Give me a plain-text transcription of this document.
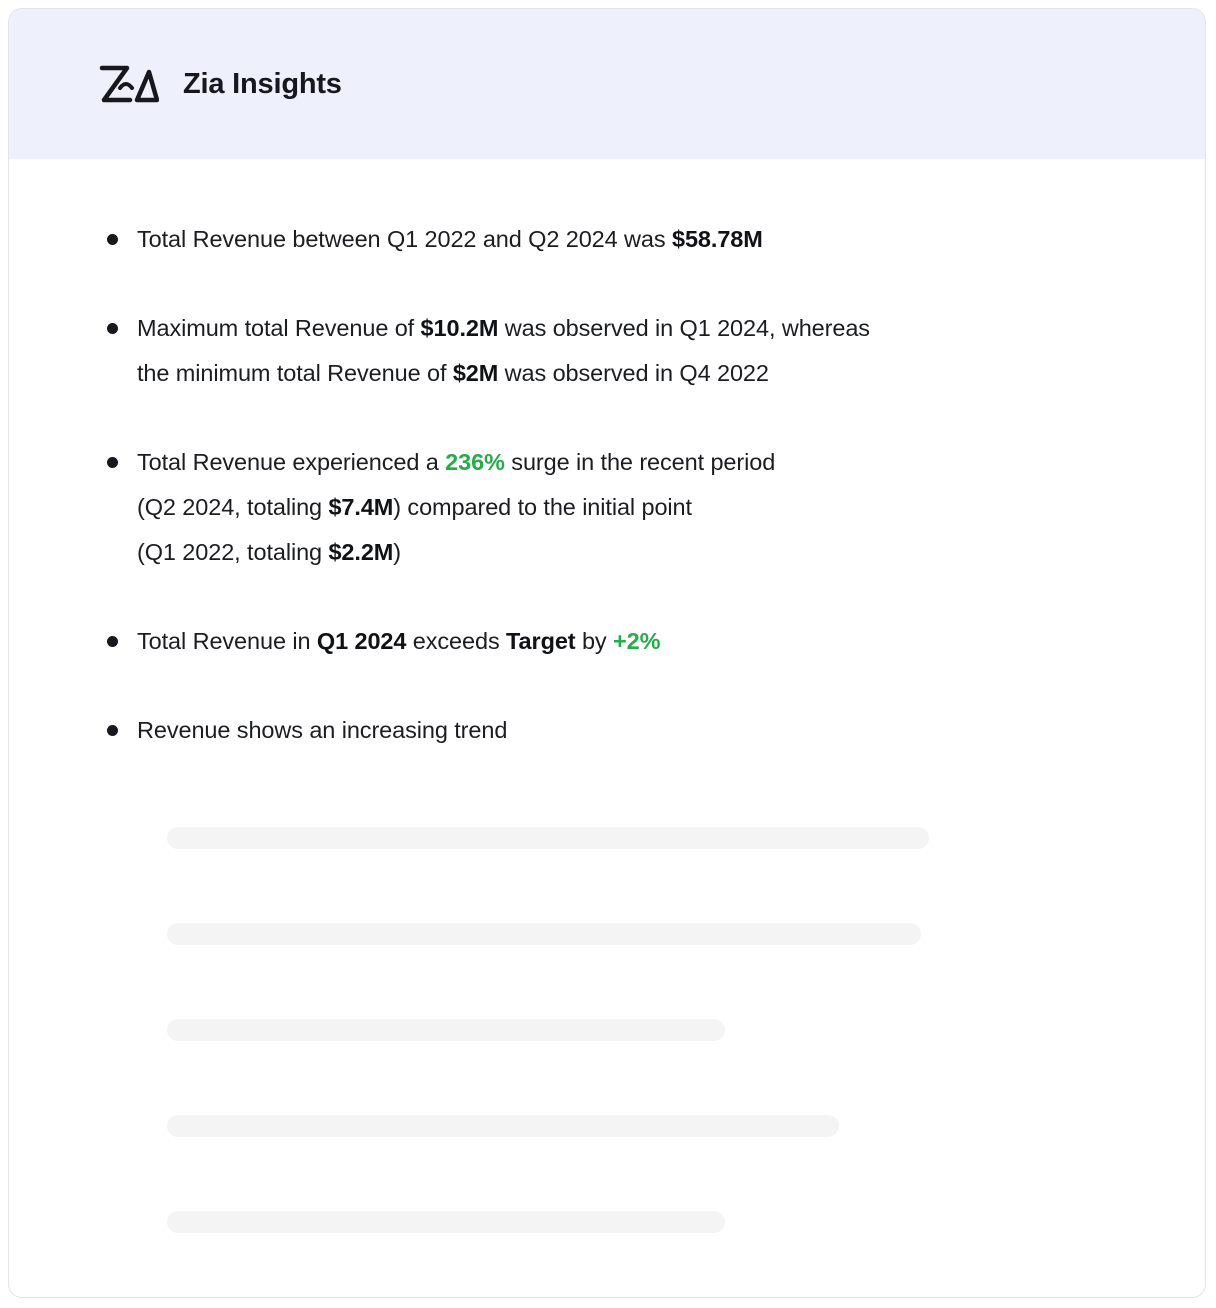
Zia Insights
Total Revenue between Q1 2022 and Q2 2024 was $58.78M
Maximum total Revenue of $10.2M was observed in Q1 2024, whereas
the minimum total Revenue of $2M was observed in Q4 2022
Total Revenue experienced a 236% surge in the recent period
(Q2 2024, totaling $7.4M) compared to the initial point
(Q1 2022, totaling $2.2M)
Total Revenue in Q1 2024 exceeds Target by +2%
Revenue shows an increasing trend
